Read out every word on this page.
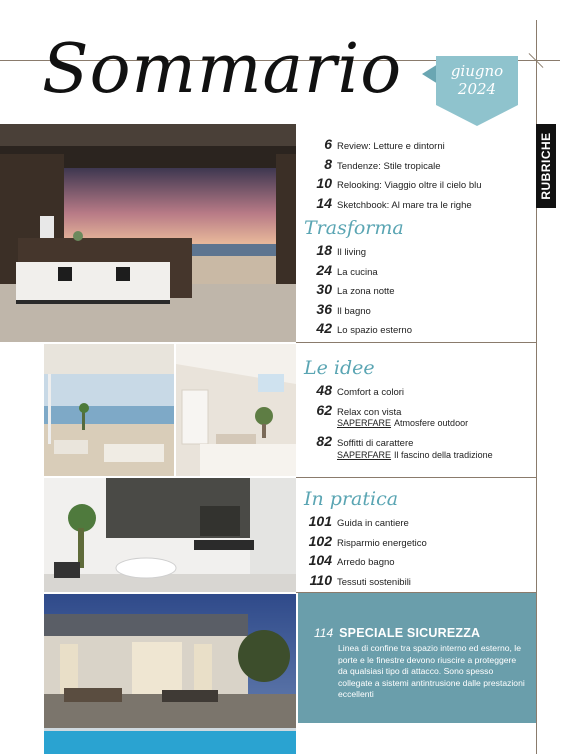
Sommario	giugno
2024
RUBRICHE
6 Review: Letture e dintorni
8 Tendenze: Stile tropicale
10 Relooking: Viaggio oltre il cielo blu
14 Sketchbook: Al mare tra le righe
Trasforma
18 Il living
24 La cucina
30 La zona notte
36 Il bagno
42 Lo spazio esterno
Le idee
48 Comfort a colori
62 Relax con vista
SAPERFARE Atmosfere outdoor
82 Soffitti di carattere
SAPERFARE Il fascino della tradizione
In pratica
101 Guida in cantiere
102 Risparmio energetico
104 Arredo bagno
110 Tessuti sostenibili
114 SPECIALE SICUREZZA

Linea di confine tra spazio interno ed esterno, le porte e le finestre devono riuscire a proteggere da qualsiasi tipo di attacco. Sono spesso collegate a sistemi antintrusione dalle prestazioni eccellenti
